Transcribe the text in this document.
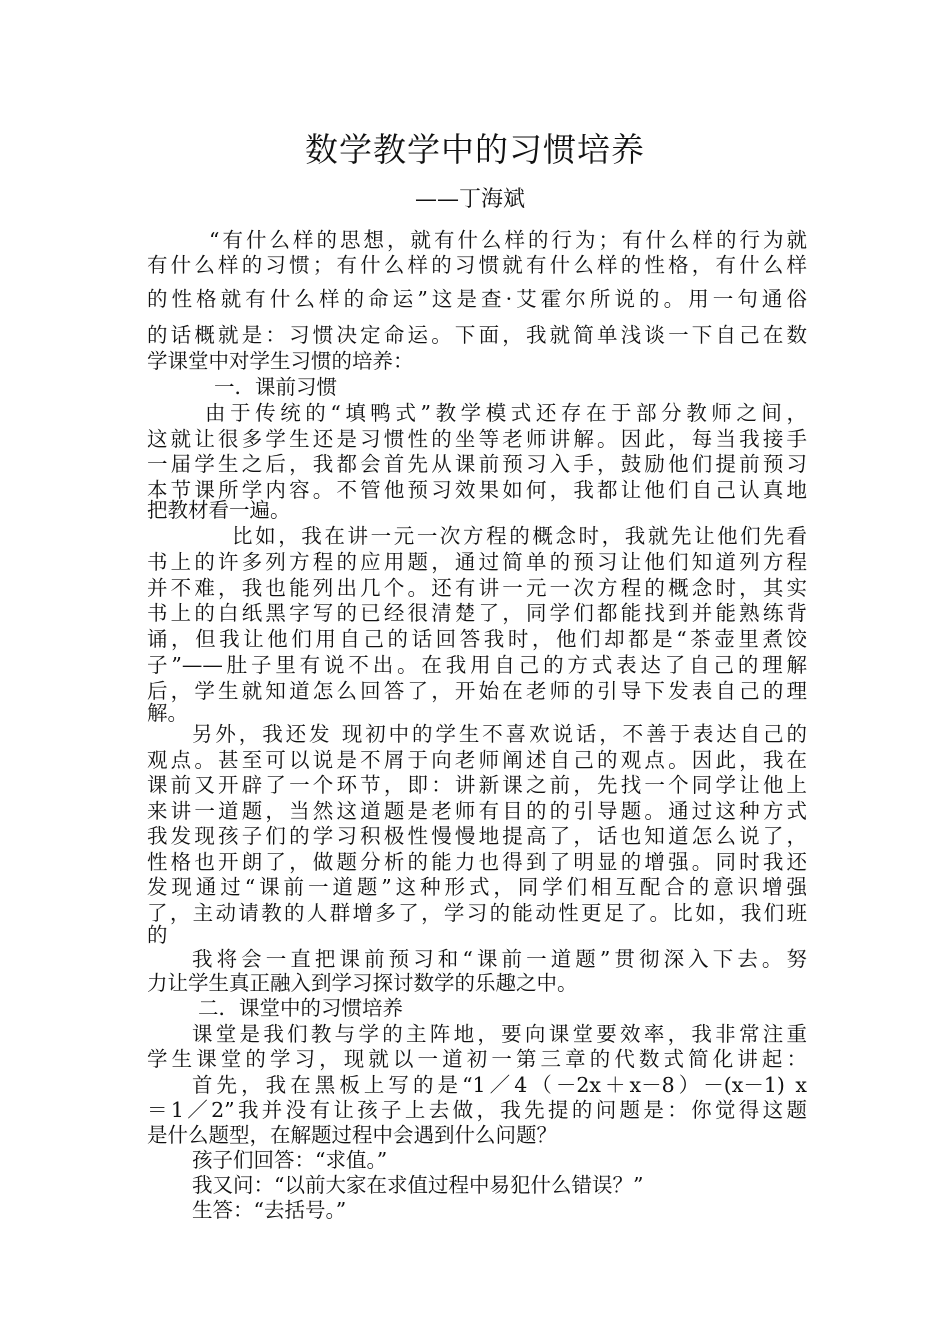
数学教学中的习惯培养
——丁海斌
“有什么样的思想，就有什么样的行为；有什么样的行为就
有什么样的习惯；有什么样的习惯就有什么样的性格，有什么样
的性格就有什么样的命运”这是查·艾霍尔所说的。用一句通俗
的话概就是：习惯决定命运。下面，我就简单浅谈一下自己在数
学课堂中对学生习惯的培养：
一．课前习惯
由于传统的“填鸭式”教学模式还存在于部分教师之间，
这就让很多学生还是习惯性的坐等老师讲解。因此，每当我接手
一届学生之后，我都会首先从课前预习入手，鼓励他们提前预习
本节课所学内容。不管他预习效果如何，我都让他们自己认真地
把教材看一遍。
比如，我在讲一元一次方程的概念时，我就先让他们先看
书上的许多列方程的应用题，通过简单的预习让他们知道列方程
并不难，我也能列出几个。还有讲一元一次方程的概念时，其实
书上的白纸黑字写的已经很清楚了，同学们都能找到并能熟练背
诵，但我让他们用自己的话回答我时，他们却都是“茶壶里煮饺
子”——肚子里有说不出。在我用自己的方式表达了自己的理解
后，学生就知道怎么回答了，开始在老师的引导下发表自己的理
解。
另外，我还发 现初中的学生不喜欢说话，不善于表达自己的
观点。甚至可以说是不屑于向老师阐述自己的观点。因此，我在
课前又开辟了一个环节，即：讲新课之前，先找一个同学让他上
来讲一道题，当然这道题是老师有目的的引导题。通过这种方式
我发现孩子们的学习积极性慢慢地提高了，话也知道怎么说了，
性格也开朗了，做题分析的能力也得到了明显的增强。同时我还
发现通过“课前一道题”这种形式，同学们相互配合的意识增强
了，主动请教的人群增多了，学习的能动性更足了。比如，我们班
的
我将会一直把课前预习和“课前一道题”贯彻深入下去。努
力让学生真正融入到学习探讨数学的乐趣之中。
二．课堂中的习惯培养
课堂是我们教与学的主阵地，要向课堂要效率，我非常注重
学生课堂的学习，现就以一道初一第三章的代数式简化讲起：
首先，我在黑板上写的是“1／4（－2x＋x－8）－(x－1) x
＝1／2”我并没有让孩子上去做，我先提的问题是：你觉得这题
是什么题型，在解题过程中会遇到什么问题？
孩子们回答：“求值。”
我又问：“以前大家在求值过程中易犯什么错误？”
生答：“去括号。”
